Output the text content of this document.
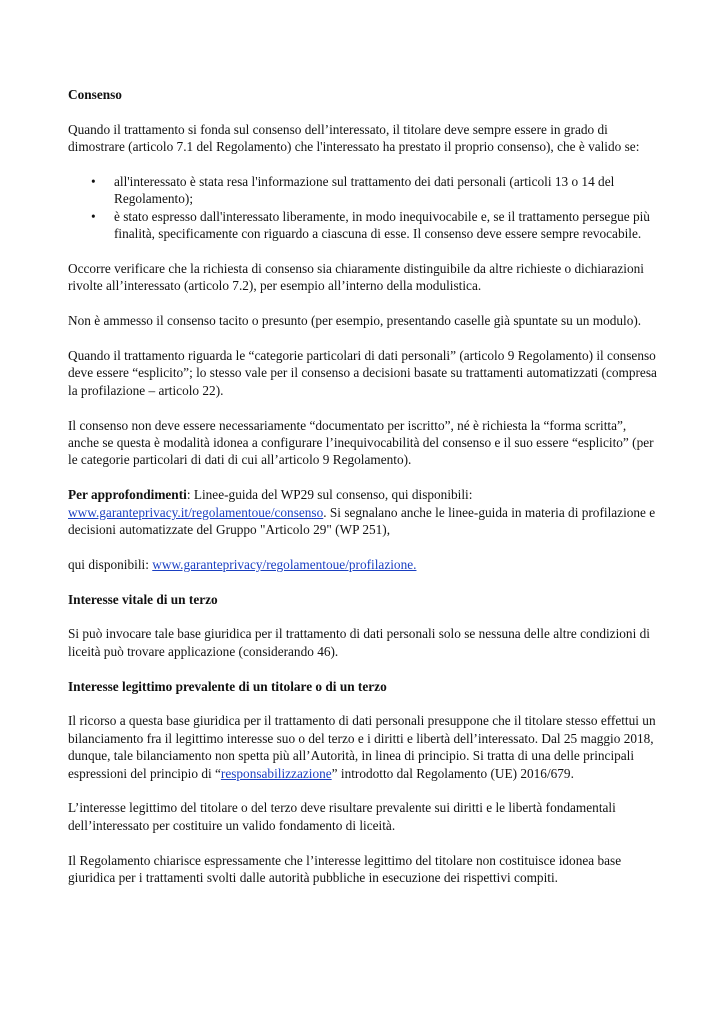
Consenso

Quando il trattamento si fonda sul consenso dell’interessato, il titolare deve sempre essere in grado di dimostrare (articolo 7.1 del Regolamento) che l'interessato ha prestato il proprio consenso), che è valido se:

• all'interessato è stata resa l'informazione sul trattamento dei dati personali (articoli 13 o 14 del Regolamento);
• è stato espresso dall'interessato liberamente, in modo inequivocabile e, se il trattamento persegue più finalità, specificamente con riguardo a ciascuna di esse. Il consenso deve essere sempre revocabile.

Occorre verificare che la richiesta di consenso sia chiaramente distinguibile da altre richieste o dichiarazioni rivolte all’interessato (articolo 7.2), per esempio all’interno della modulistica.

Non è ammesso il consenso tacito o presunto (per esempio, presentando caselle già spuntate su un modulo).

Quando il trattamento riguarda le “categorie particolari di dati personali” (articolo 9 Regolamento) il consenso deve essere “esplicito”; lo stesso vale per il consenso a decisioni basate su trattamenti automatizzati (compresa la profilazione – articolo 22).

Il consenso non deve essere necessariamente “documentato per iscritto”, né è richiesta la “forma scritta”, anche se questa è modalità idonea a configurare l’inequivocabilità del consenso e il suo essere “esplicito” (per le categorie particolari di dati di cui all’articolo 9 Regolamento).

Per approfondimenti: Linee-guida del WP29 sul consenso, qui disponibili: www.garanteprivacy.it/regolamentoue/consenso. Si segnalano anche le linee-guida in materia di profilazione e decisioni automatizzate del Gruppo "Articolo 29" (WP 251),

qui disponibili: www.garanteprivacy/regolamentoue/profilazione.

Interesse vitale di un terzo

Si può invocare tale base giuridica per il trattamento di dati personali solo se nessuna delle altre condizioni di liceità può trovare applicazione (considerando 46).

Interesse legittimo prevalente di un titolare o di un terzo

Il ricorso a questa base giuridica per il trattamento di dati personali presuppone che il titolare stesso effettui un bilanciamento fra il legittimo interesse suo o del terzo e i diritti e libertà dell’interessato. Dal 25 maggio 2018, dunque, tale bilanciamento non spetta più all’Autorità, in linea di principio. Si tratta di una delle principali espressioni del principio di “responsabilizzazione” introdotto dal Regolamento (UE) 2016/679.

L’interesse legittimo del titolare o del terzo deve risultare prevalente sui diritti e le libertà fondamentali dell’interessato per costituire un valido fondamento di liceità.

Il Regolamento chiarisce espressamente che l’interesse legittimo del titolare non costituisce idonea base giuridica per i trattamenti svolti dalle autorità pubbliche in esecuzione dei rispettivi compiti.
